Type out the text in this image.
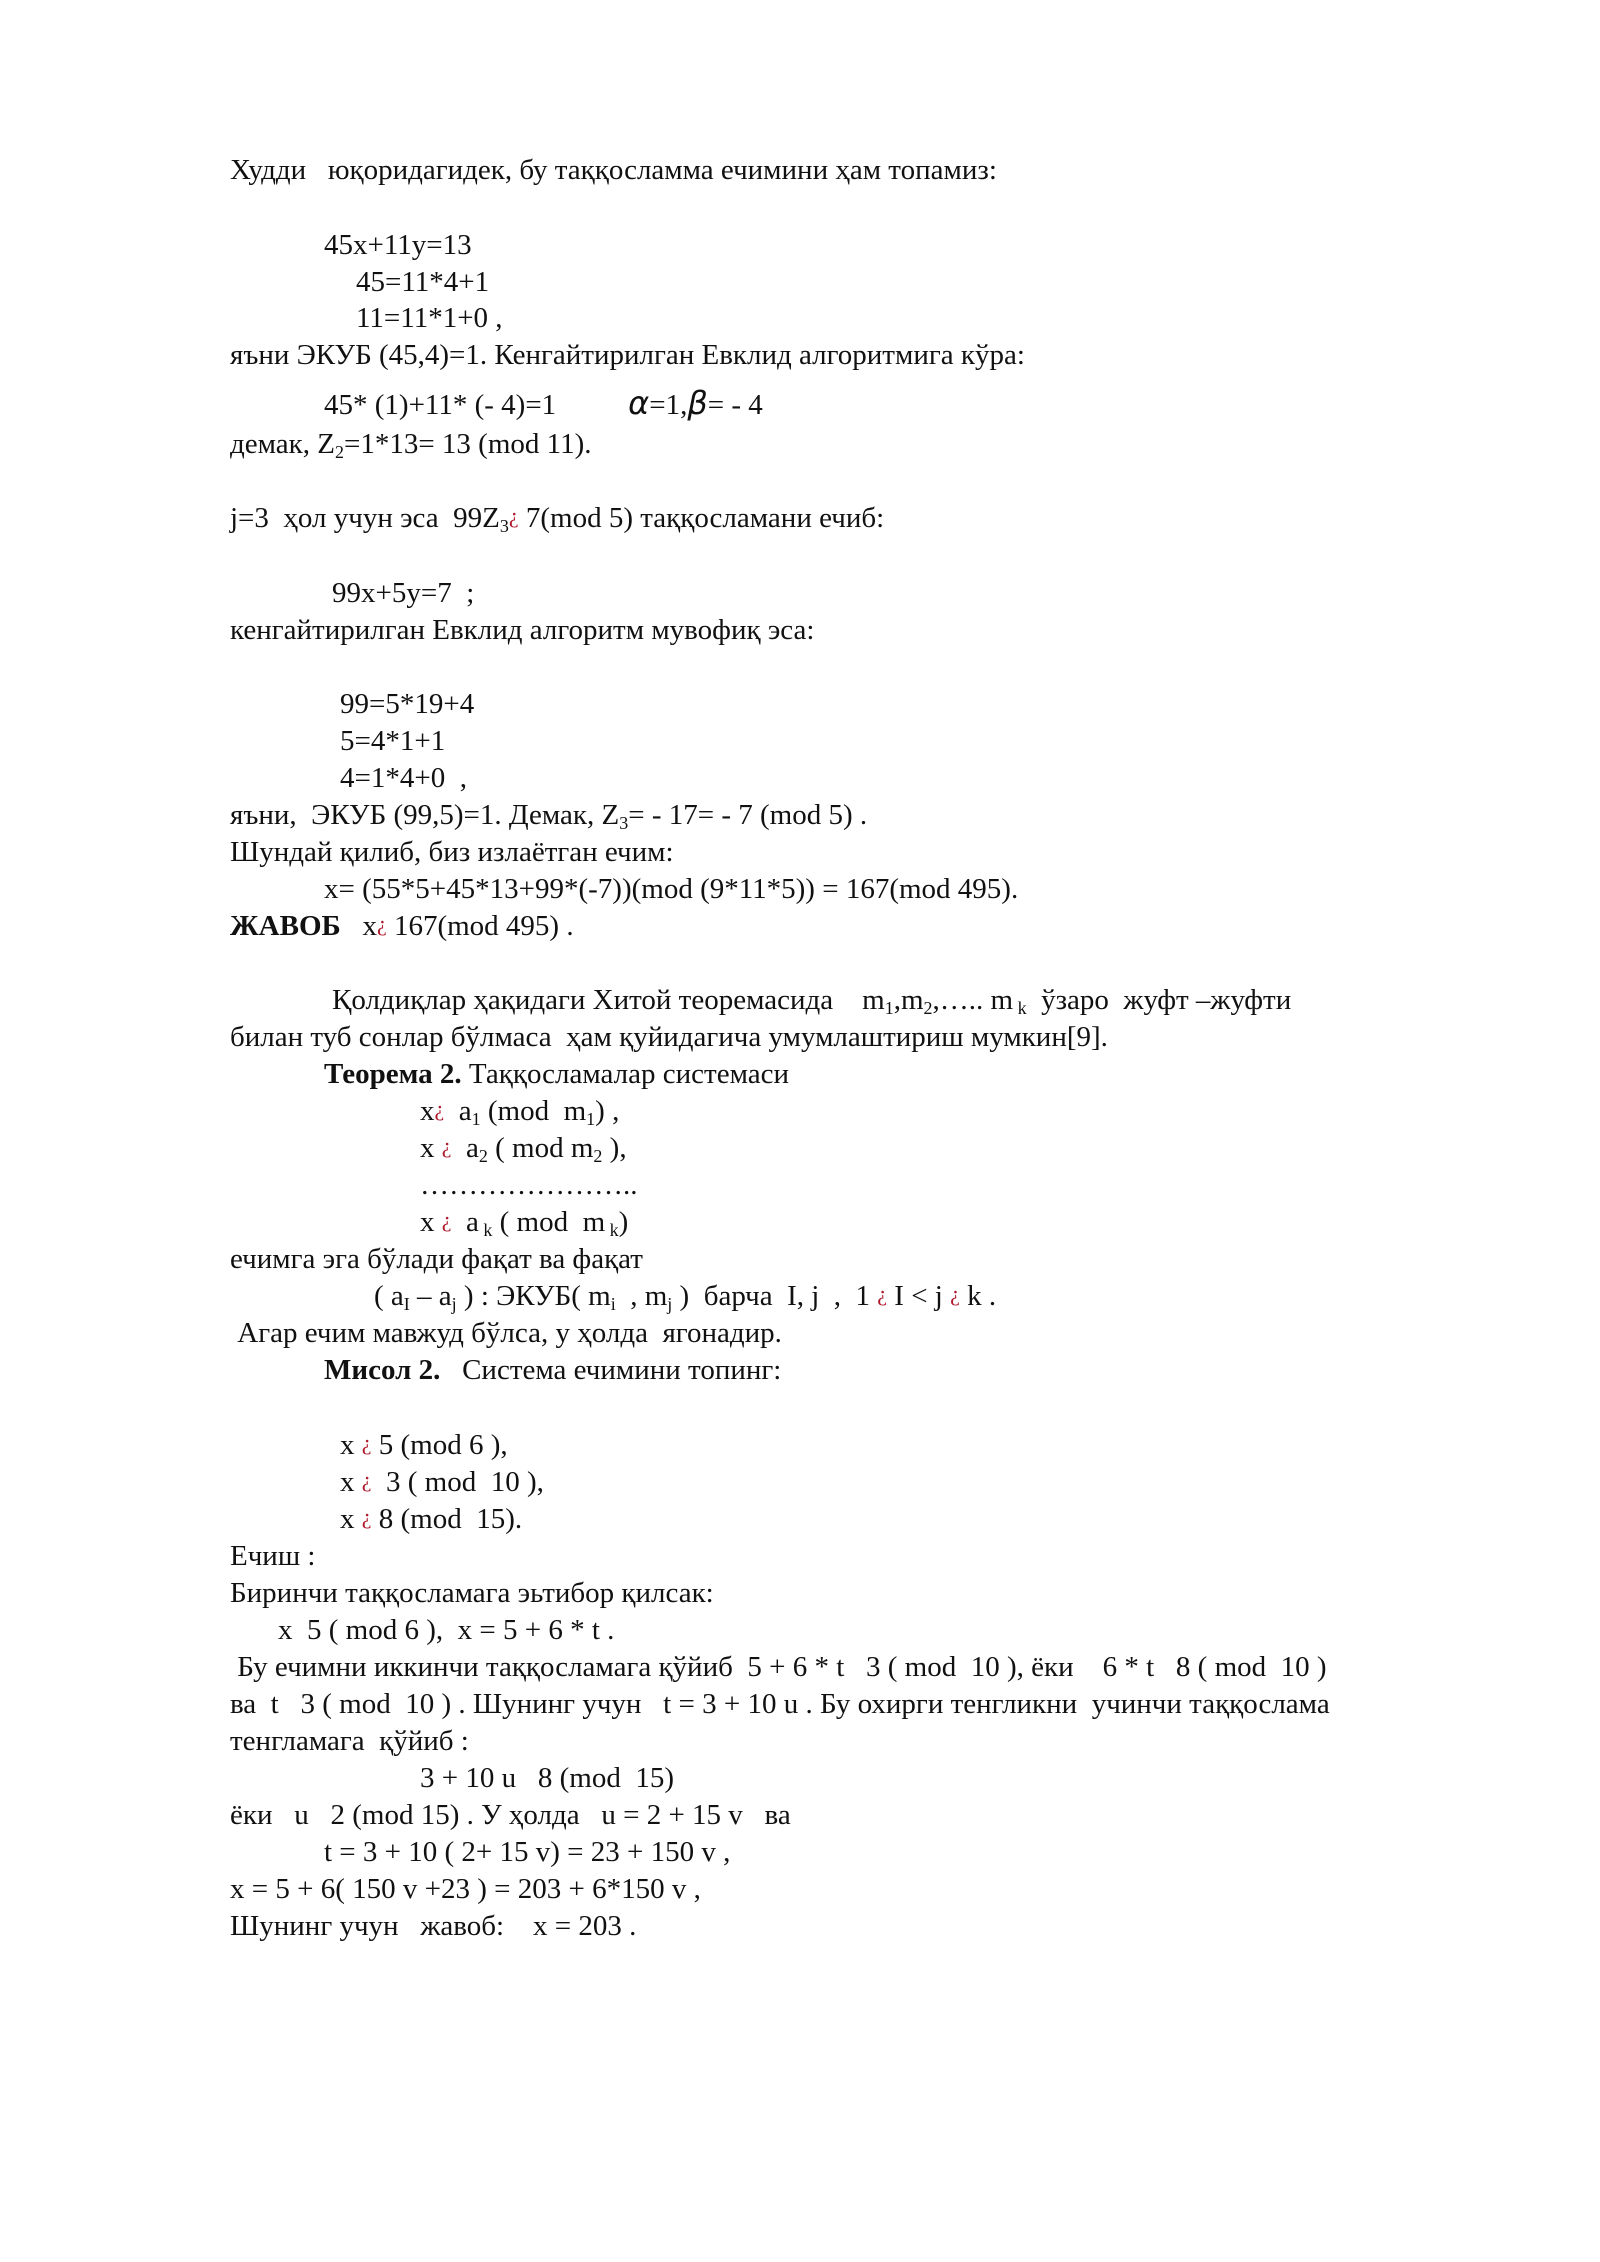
Худди   юқоридагидек, бу таққосламма ечимини ҳам топамиз:

45x+11y=13

45=11*4+1

11=11*1+0 ,

яъни ЭКУБ (45,4)=1. Кенгайтирилган Евклид алгоритмига кўра:

45* (1)+11* (- 4)=1 α=1,β= - 4

демак, $Z_2=1*13= 13$ (mod 11).

j=3  ҳол учун эса  $99Z_3¿$ 7(mod 5) таққосламани ечиб:

99x+5y=7  ;

кенгайтирилган Евклид алгоритм мувофиқ эса:

99=5*19+4

5=4*1+1

4=1*4+0  ,

яъни,  ЭКУБ (99,5)=1. Демак, $Z_3= - 17= - 7$ (mod 5) .

Шундай қилиб, биз излаётган ечим:

x= (55*5+45*13+99*(-7))(mod (9*11*5)) = 167(mod 495).

ЖАВОБ   x¿ 167(mod 495) .

Қолдиқлар ҳақидаги Хитой теоремасида    $m_1,m_2,\dots$.. m $_k$  ўзаро  жуфт –жуфти

билан туб сонлар бўлмаса  ҳам қуйидагича умумлаштириш мумкин[9].

Теорема 2. Таққосламалар системаси

x¿  $a_1$ (mod  $m_1$) ,

x ¿  $a_2$ ( mod $m_2$ ),

…………………..

x ¿  a $_k$ ( mod  m $_k$)

ечимга эга бўлади фақат ва фақат

( $a_I - a_j$ ) : ЭКУБ( $m_i$  , $m_j$ )  барча  I, j  ,  1 ¿ I < j ¿ k .

Агар ечим мавжуд бўлса, у ҳолда  ягонадир.

Мисол 2.   Система ечимини топинг:

x ¿ 5 (mod 6 ),

x ¿  3 ( mod  10 ),

x ¿ 8 (mod  15).

Ечиш :

Биринчи таққосламага эьтибор қилсак:

x  5 ( mod 6 ),  x = 5 + 6 * t .

Бу ечимни иккинчи таққосламага қўйиб  5 + 6 * t   3 ( mod  10 ), ёки    6 * t   8 ( mod  10 )

ва  t   3 ( mod  10 ) . Шунинг учун   t = 3 + 10 u . Бу охирги тенгликни  учинчи таққослама

тенгламага  қўйиб :

3 + 10 u   8 (mod  15)

ёки   u   2 (mod 15) . У ҳолда   u = 2 + 15 v   ва

t = 3 + 10 ( 2+ 15 v) = 23 + 150 v ,

x = 5 + 6( 150 v +23 ) = 203 + 6*150 v ,

Шунинг учун   жавоб:    x = 203 .
